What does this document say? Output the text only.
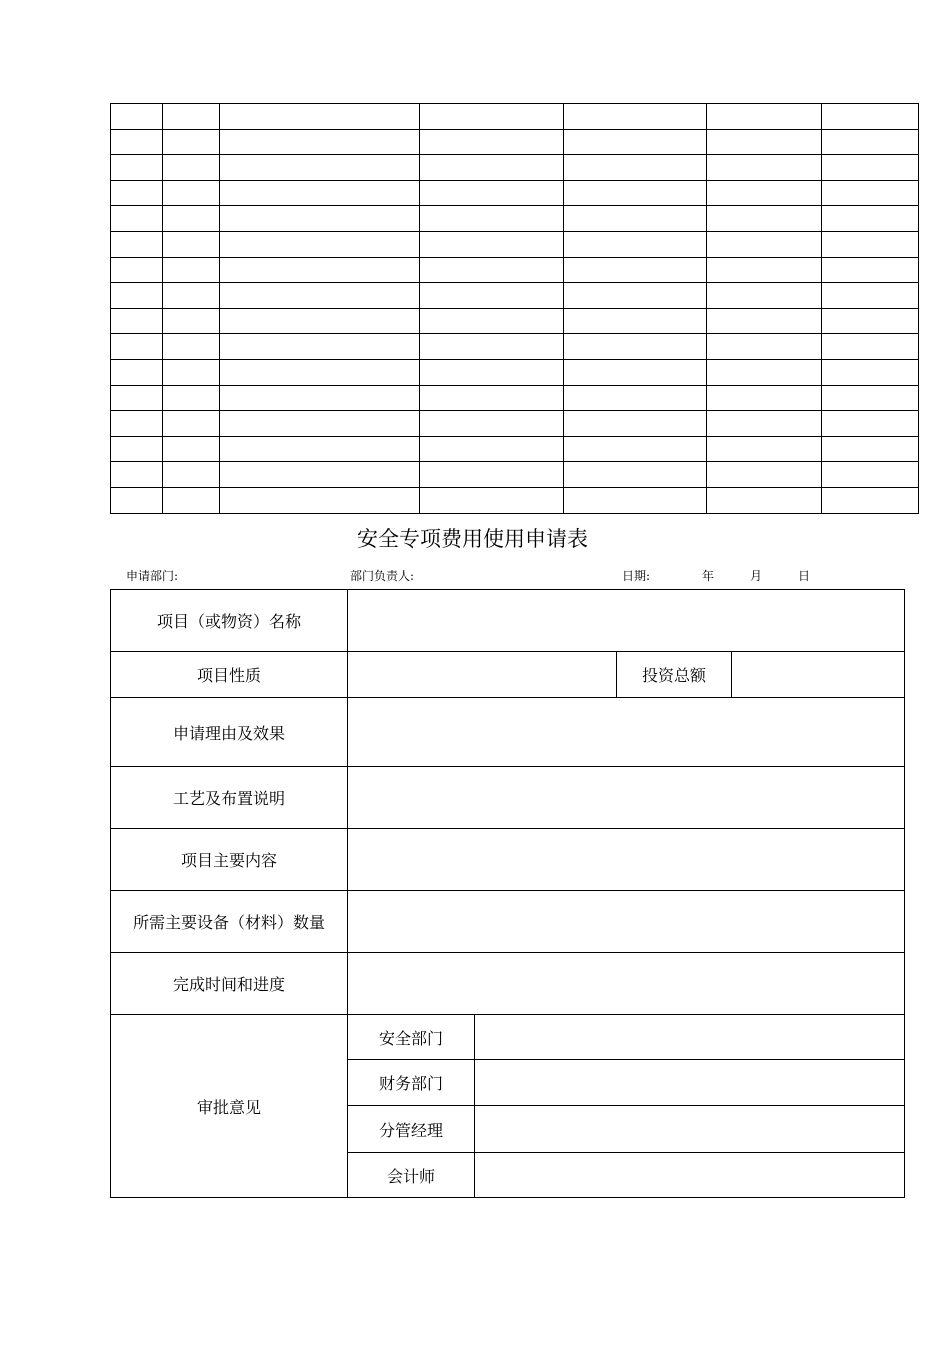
安全专项费用使用申请表
申请部门:	部门负责人:	日期:	年	月	日
项目（或物资）名称				
项目性质			投资总额	
申请理由及效果				
工艺及布置说明				
项目主要内容				
所需主要设备（材料）数量				
完成时间和进度				
审批意见	安全部门			
	财务部门			
	分管经理			
	会计师			
